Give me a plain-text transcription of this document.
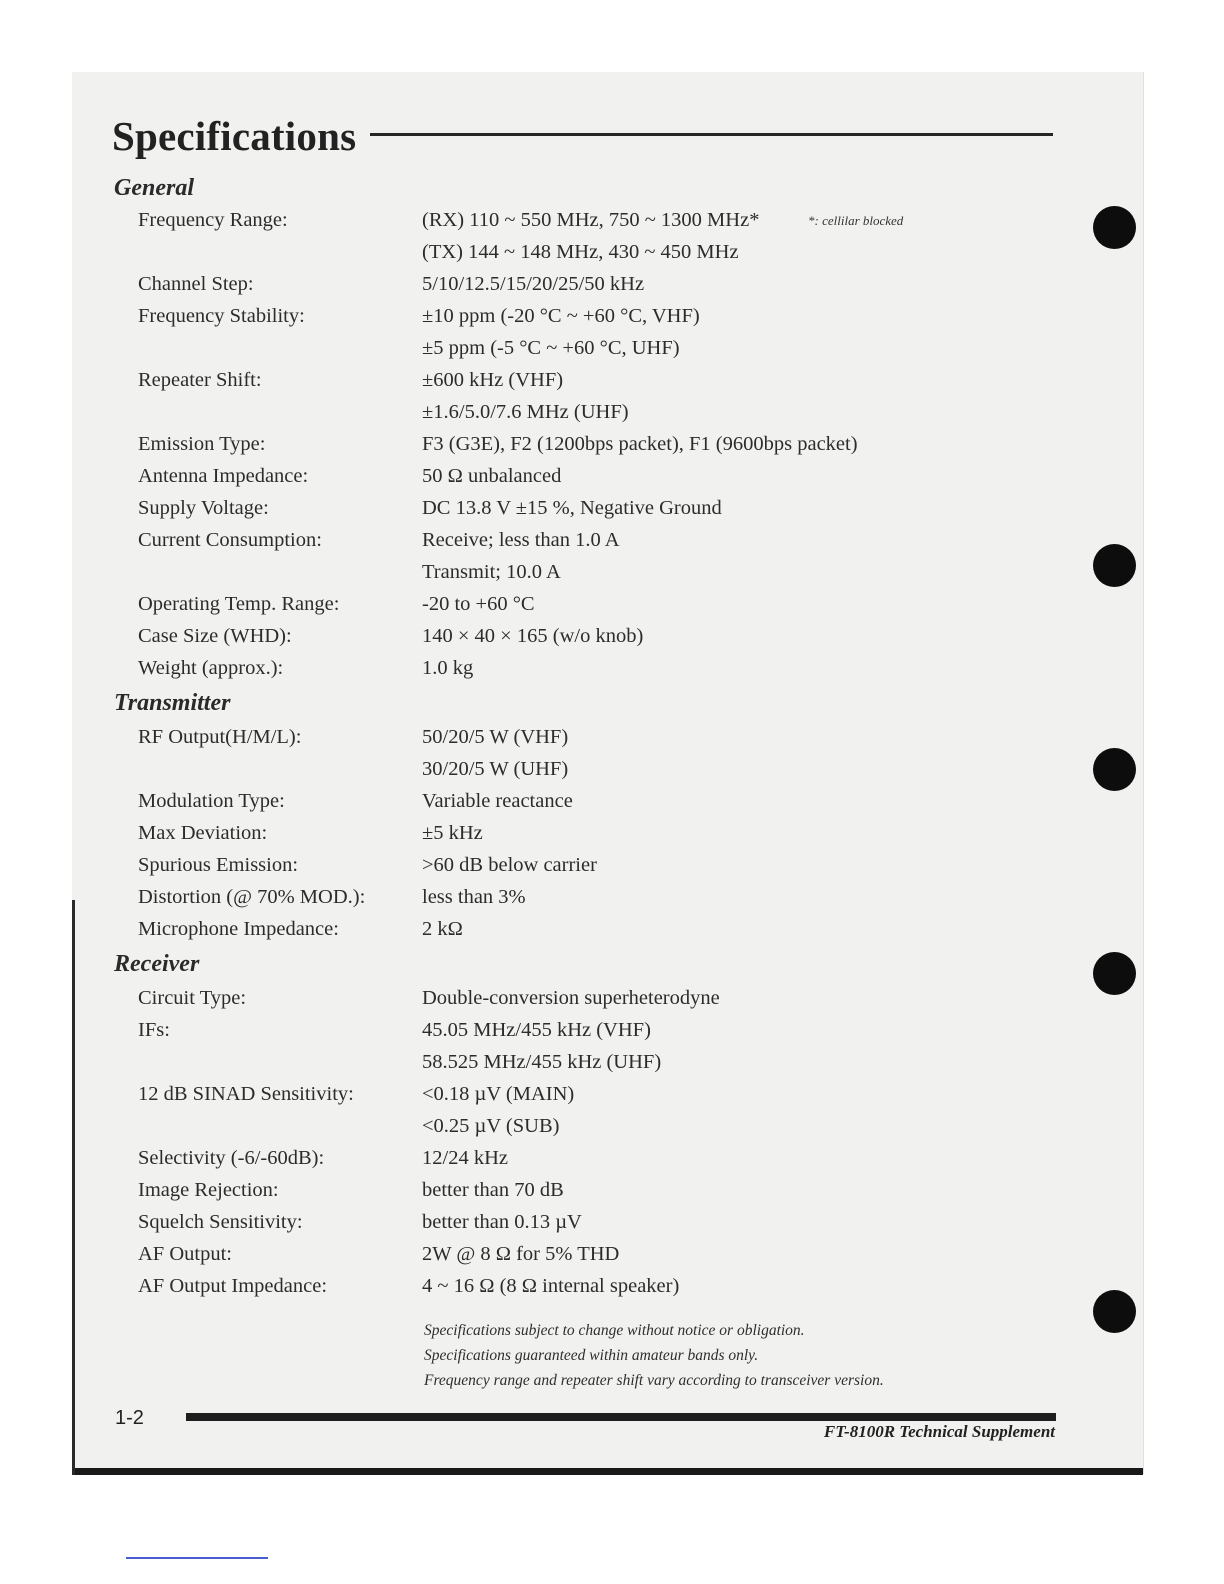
Specifications
General
Frequency Range:	(RX) 110 ~ 550 MHz, 750 ~ 1300 MHz*	*: cellilar blocked
(TX) 144 ~ 148 MHz, 430 ~ 450 MHz
Channel Step:	5/10/12.5/15/20/25/50 kHz
Frequency Stability:	±10 ppm (-20 °C ~ +60 °C, VHF)
±5 ppm (-5 °C ~ +60 °C, UHF)
Repeater Shift:	±600 kHz (VHF)
±1.6/5.0/7.6 MHz (UHF)
Emission Type:	F3 (G3E), F2 (1200bps packet), F1 (9600bps packet)
Antenna Impedance:	50 Ω unbalanced
Supply Voltage:	DC 13.8 V ±15 %, Negative Ground
Current Consumption:	Receive; less than 1.0 A
Transmit; 10.0 A
Operating Temp. Range:	-20 to +60 °C
Case Size (WHD):	140 × 40 × 165 (w/o knob)
Weight (approx.):	1.0 kg
Transmitter
RF Output(H/M/L):	50/20/5 W (VHF)
30/20/5 W (UHF)
Modulation Type:	Variable reactance
Max Deviation:	±5 kHz
Spurious Emission:	>60 dB below carrier
Distortion (@ 70% MOD.):	less than 3%
Microphone Impedance:	2 kΩ
Receiver
Circuit Type:	Double-conversion superheterodyne
IFs:	45.05 MHz/455 kHz (VHF)
58.525 MHz/455 kHz (UHF)
12 dB SINAD Sensitivity:	<0.18 µV (MAIN)
<0.25 µV (SUB)
Selectivity (-6/-60dB):	12/24 kHz
Image Rejection:	better than 70 dB
Squelch Sensitivity:	better than 0.13 µV
AF Output:	2W @ 8 Ω for 5% THD
AF Output Impedance:	4 ~ 16 Ω (8 Ω internal speaker)
Specifications subject to change without notice or obligation.
Specifications guaranteed within amateur bands only.
Frequency range and repeater shift vary according to transceiver version.
1-2
FT-8100R Technical Supplement
